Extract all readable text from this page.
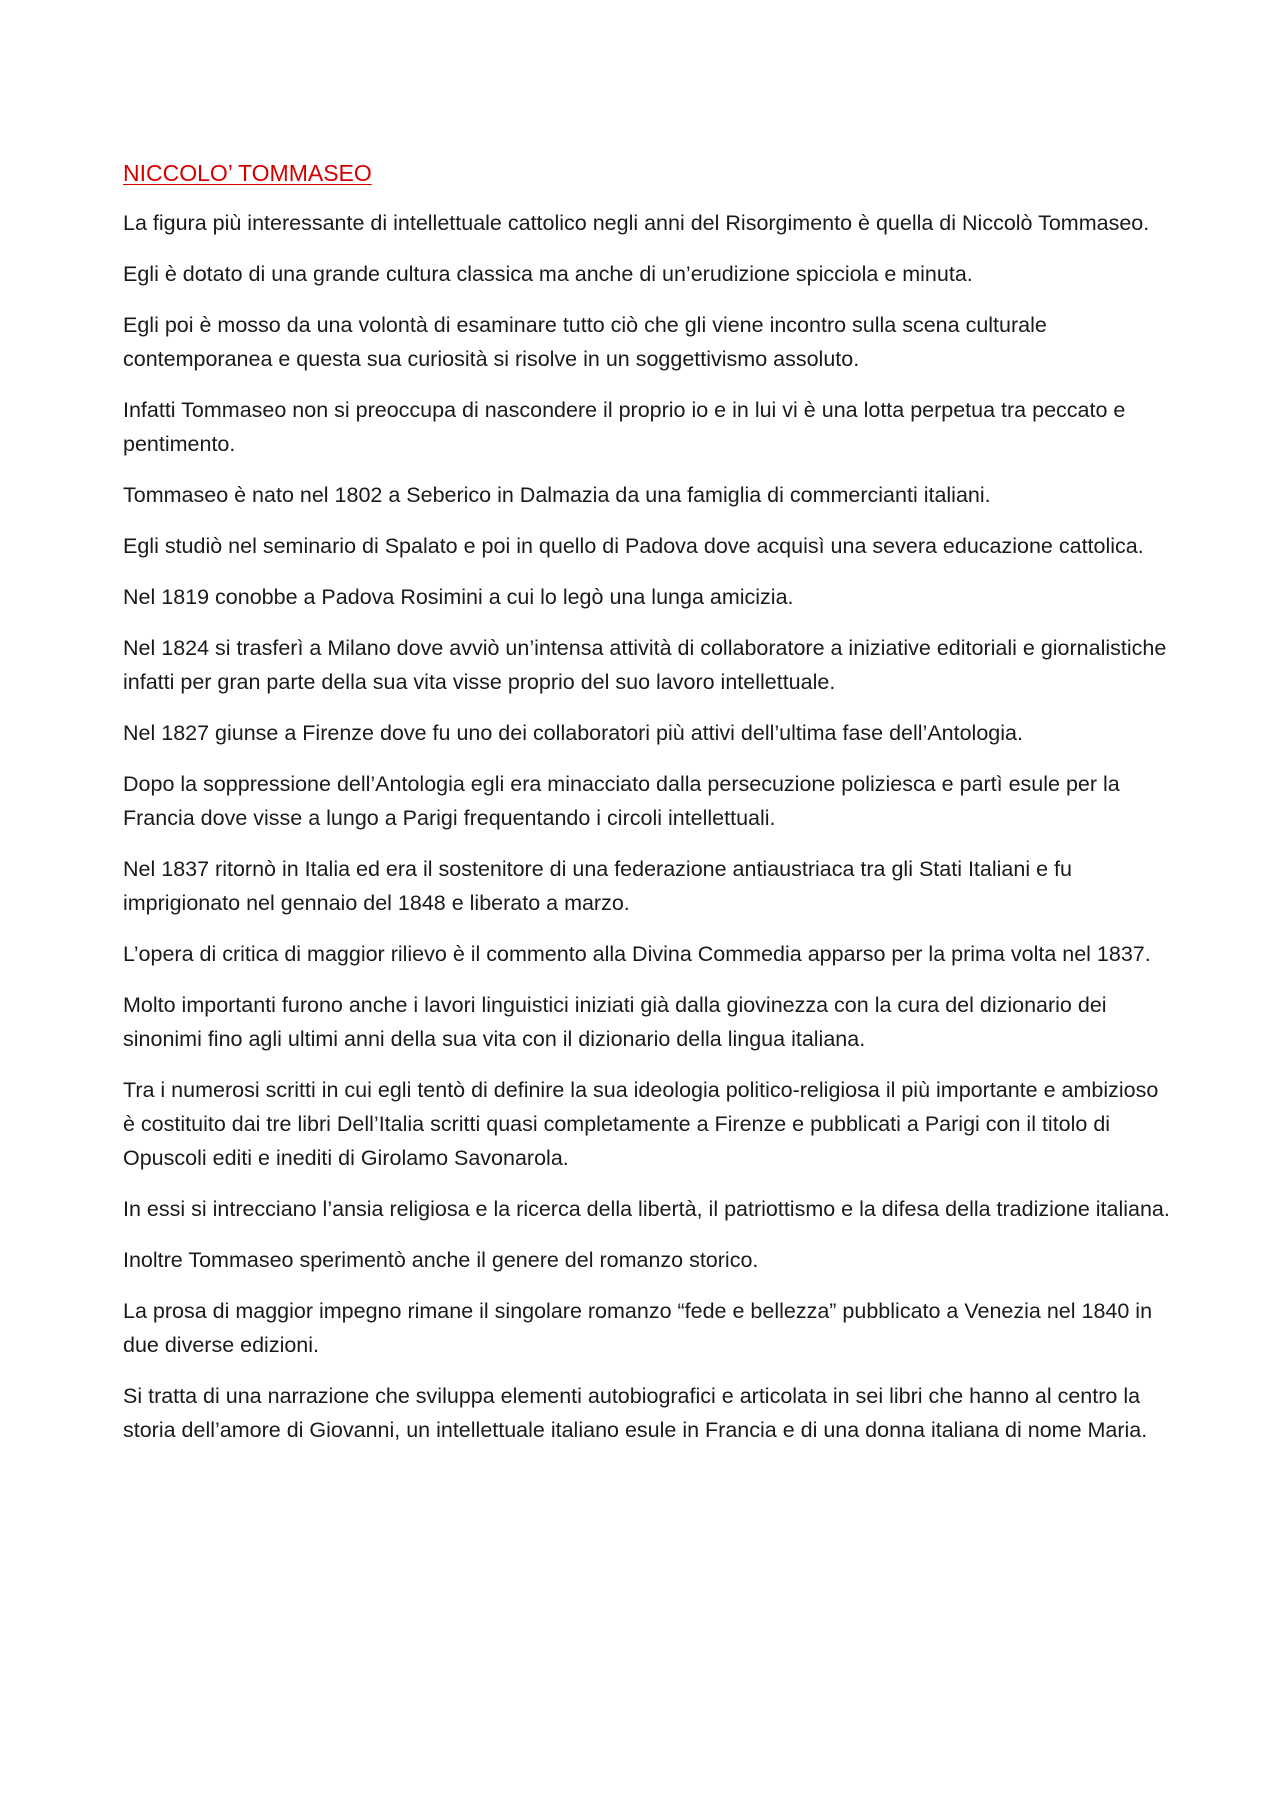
NICCOLO’ TOMMASEO

La figura più interessante di intellettuale cattolico negli anni del Risorgimento è quella di Niccolò Tommaseo.

Egli è dotato di una grande cultura classica ma anche di un’erudizione spicciola e minuta.

Egli poi è mosso da una volontà di esaminare tutto ciò che gli viene incontro sulla scena culturale contemporanea e questa sua curiosità si risolve in un soggettivismo assoluto.

Infatti Tommaseo non si preoccupa di nascondere il proprio io e in lui vi è una lotta perpetua tra peccato e pentimento.

Tommaseo è nato nel 1802 a Seberico in Dalmazia da una famiglia di commercianti italiani.

Egli studiò nel seminario di Spalato e poi in quello di Padova dove acquisì una severa educazione cattolica.

Nel 1819 conobbe a Padova Rosimini a cui lo legò una lunga amicizia.

Nel 1824 si trasferì a Milano dove avviò un’intensa attività di collaboratore a iniziative editoriali e giornalistiche infatti per gran parte della sua vita visse proprio del suo lavoro intellettuale.

Nel 1827 giunse a Firenze dove fu uno dei collaboratori più attivi dell’ultima fase dell’Antologia.

Dopo la soppressione dell’Antologia egli era minacciato dalla persecuzione poliziesca e partì esule per la Francia dove visse a lungo a Parigi frequentando i circoli intellettuali.

Nel 1837 ritornò in Italia ed era il sostenitore di una federazione antiaustriaca tra gli Stati Italiani e fu imprigionato nel gennaio del 1848 e liberato a marzo.

L’opera di critica di maggior rilievo è il commento alla Divina Commedia apparso per la prima volta nel 1837.

Molto importanti furono anche i lavori linguistici iniziati già dalla giovinezza con la cura del dizionario dei sinonimi fino agli ultimi anni della sua vita con il dizionario della lingua italiana.

Tra i numerosi scritti in cui egli tentò di definire la sua ideologia politico-religiosa il più importante e ambizioso è costituito dai tre libri Dell’Italia scritti quasi completamente a Firenze e pubblicati a Parigi con il titolo di Opuscoli editi e inediti di Girolamo Savonarola.

In essi si intrecciano l’ansia religiosa e la ricerca della libertà, il patriottismo e la difesa della tradizione italiana.

Inoltre Tommaseo sperimentò anche il genere del romanzo storico.

La prosa di maggior impegno rimane il singolare romanzo “fede e bellezza” pubblicato a Venezia nel 1840 in due diverse edizioni.

Si tratta di una narrazione che sviluppa elementi autobiografici e articolata in sei libri che hanno al centro la storia dell’amore di Giovanni, un intellettuale italiano esule in Francia e di una donna italiana di nome Maria.
